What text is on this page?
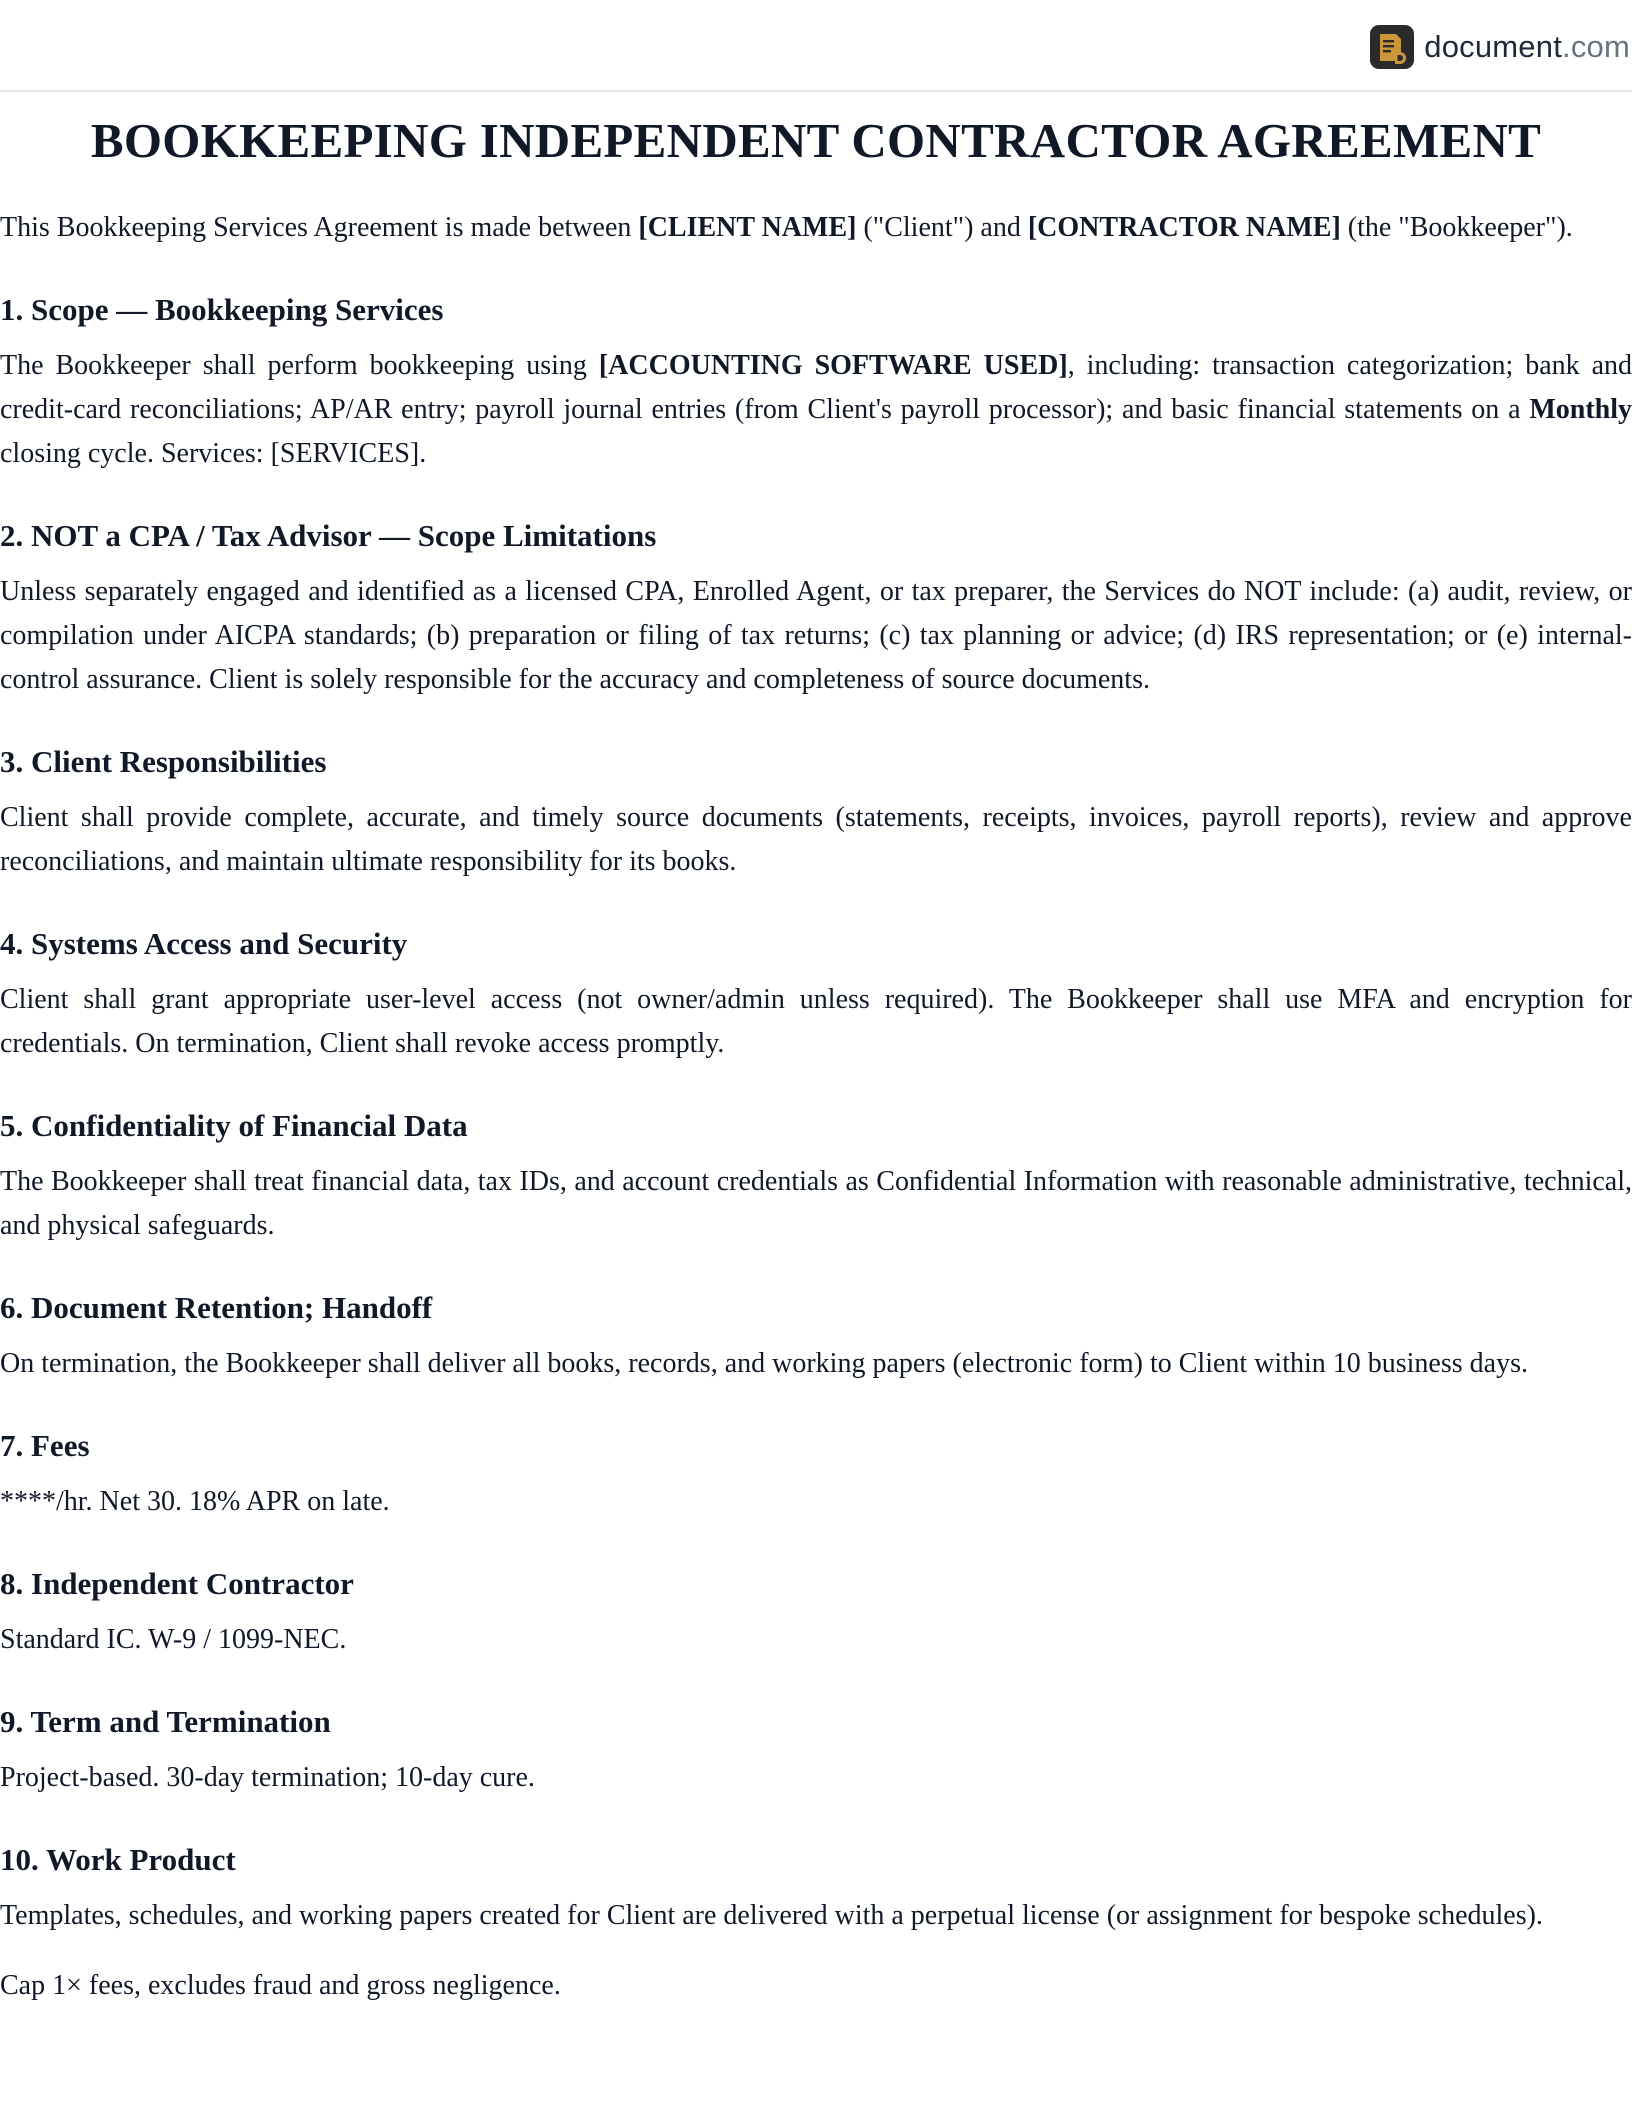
document.com
BOOKKEEPING INDEPENDENT CONTRACTOR AGREEMENT

This Bookkeeping Services Agreement is made between [CLIENT NAME] ("Client") and [CONTRACTOR NAME] (the "Bookkeeper").

1. Scope — Bookkeeping Services

The Bookkeeper shall perform bookkeeping using [ACCOUNTING SOFTWARE USED], including: transaction categorization; bank and credit-card reconciliations; AP/AR entry; payroll journal entries (from Client's payroll processor); and basic financial statements on a Monthly closing cycle. Services: [SERVICES].

2. NOT a CPA / Tax Advisor — Scope Limitations

Unless separately engaged and identified as a licensed CPA, Enrolled Agent, or tax preparer, the Services do NOT include: (a) audit, review, or compilation under AICPA standards; (b) preparation or filing of tax returns; (c) tax planning or advice; (d) IRS representation; or (e) internal-control assurance. Client is solely responsible for the accuracy and completeness of source documents.

3. Client Responsibilities

Client shall provide complete, accurate, and timely source documents (statements, receipts, invoices, payroll reports), review and approve reconciliations, and maintain ultimate responsibility for its books.

4. Systems Access and Security

Client shall grant appropriate user-level access (not owner/admin unless required). The Bookkeeper shall use MFA and encryption for credentials. On termination, Client shall revoke access promptly.

5. Confidentiality of Financial Data

The Bookkeeper shall treat financial data, tax IDs, and account credentials as Confidential Information with reasonable administrative, technical, and physical safeguards.

6. Document Retention; Handoff

On termination, the Bookkeeper shall deliver all books, records, and working papers (electronic form) to Client within 10 business days.

7. Fees

****/hr. Net 30. 18% APR on late.

8. Independent Contractor

Standard IC. W-9 / 1099-NEC.

9. Term and Termination

Project-based. 30-day termination; 10-day cure.

10. Work Product

Templates, schedules, and working papers created for Client are delivered with a perpetual license (or assignment for bespoke schedules).

Cap 1× fees, excludes fraud and gross negligence.
